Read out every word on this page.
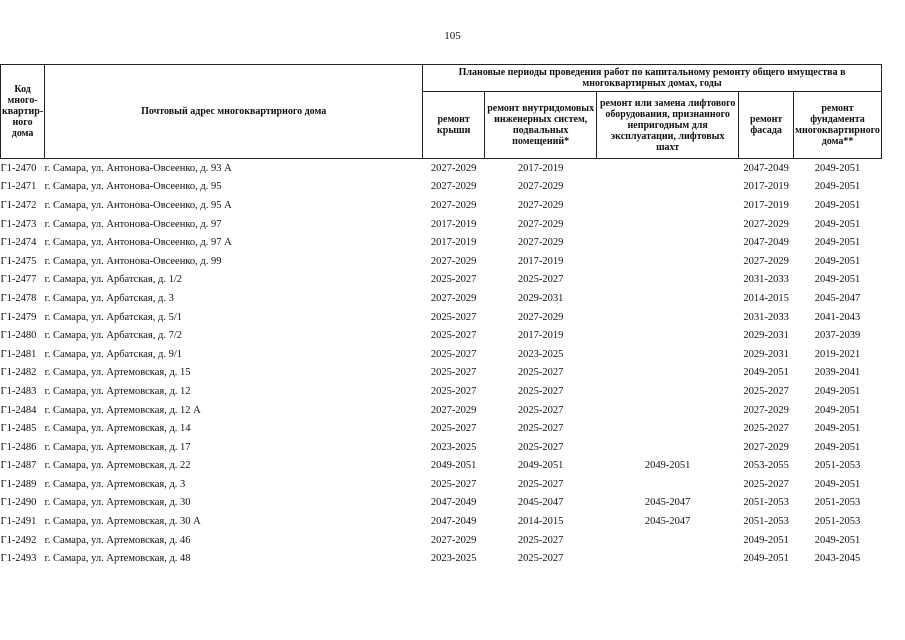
105
Код много-квартир-ного дома	Почтовый адрес многоквартирного дома	Плановые периоды проведения работ по капитальному ремонту общего имущества в многоквартирных домах, годы				
		ремонт крыши	ремонт внутридомовых инженерных систем, подвальных помещений*	ремонт или замена лифтового оборудования, признанного непригодным для эксплуатации, лифтовых шахт	ремонт фасада	ремонт фундамента многоквартирного дома**
Г1-2470	г. Самара, ул. Антонова-Овсеенко, д. 93 А	2027-2029	2017-2019		2047-2049	2049-2051
Г1-2471	г. Самара, ул. Антонова-Овсеенко, д. 95	2027-2029	2027-2029		2017-2019	2049-2051
Г1-2472	г. Самара, ул. Антонова-Овсеенко, д. 95 А	2027-2029	2027-2029		2017-2019	2049-2051
Г1-2473	г. Самара, ул. Антонова-Овсеенко, д. 97	2017-2019	2027-2029		2027-2029	2049-2051
Г1-2474	г. Самара, ул. Антонова-Овсеенко, д. 97 А	2017-2019	2027-2029		2047-2049	2049-2051
Г1-2475	г. Самара, ул. Антонова-Овсеенко, д. 99	2027-2029	2017-2019		2027-2029	2049-2051
Г1-2477	г. Самара, ул. Арбатская, д. 1/2	2025-2027	2025-2027		2031-2033	2049-2051
Г1-2478	г. Самара, ул. Арбатская, д. 3	2027-2029	2029-2031		2014-2015	2045-2047
Г1-2479	г. Самара, ул. Арбатская, д. 5/1	2025-2027	2027-2029		2031-2033	2041-2043
Г1-2480	г. Самара, ул. Арбатская, д. 7/2	2025-2027	2017-2019		2029-2031	2037-2039
Г1-2481	г. Самара, ул. Арбатская, д. 9/1	2025-2027	2023-2025		2029-2031	2019-2021
Г1-2482	г. Самара, ул. Артемовская, д. 15	2025-2027	2025-2027		2049-2051	2039-2041
Г1-2483	г. Самара, ул. Артемовская, д. 12	2025-2027	2025-2027		2025-2027	2049-2051
Г1-2484	г. Самара, ул. Артемовская, д. 12 А	2027-2029	2025-2027		2027-2029	2049-2051
Г1-2485	г. Самара, ул. Артемовская, д. 14	2025-2027	2025-2027		2025-2027	2049-2051
Г1-2486	г. Самара, ул. Артемовская, д. 17	2023-2025	2025-2027		2027-2029	2049-2051
Г1-2487	г. Самара, ул. Артемовская, д. 22	2049-2051	2049-2051	2049-2051	2053-2055	2051-2053
Г1-2489	г. Самара, ул. Артемовская, д. 3	2025-2027	2025-2027		2025-2027	2049-2051
Г1-2490	г. Самара, ул. Артемовская, д. 30	2047-2049	2045-2047	2045-2047	2051-2053	2051-2053
Г1-2491	г. Самара, ул. Артемовская, д. 30 А	2047-2049	2014-2015	2045-2047	2051-2053	2051-2053
Г1-2492	г. Самара, ул. Артемовская, д. 46	2027-2029	2025-2027		2049-2051	2049-2051
Г1-2493	г. Самара, ул. Артемовская, д. 48	2023-2025	2025-2027		2049-2051	2043-2045
